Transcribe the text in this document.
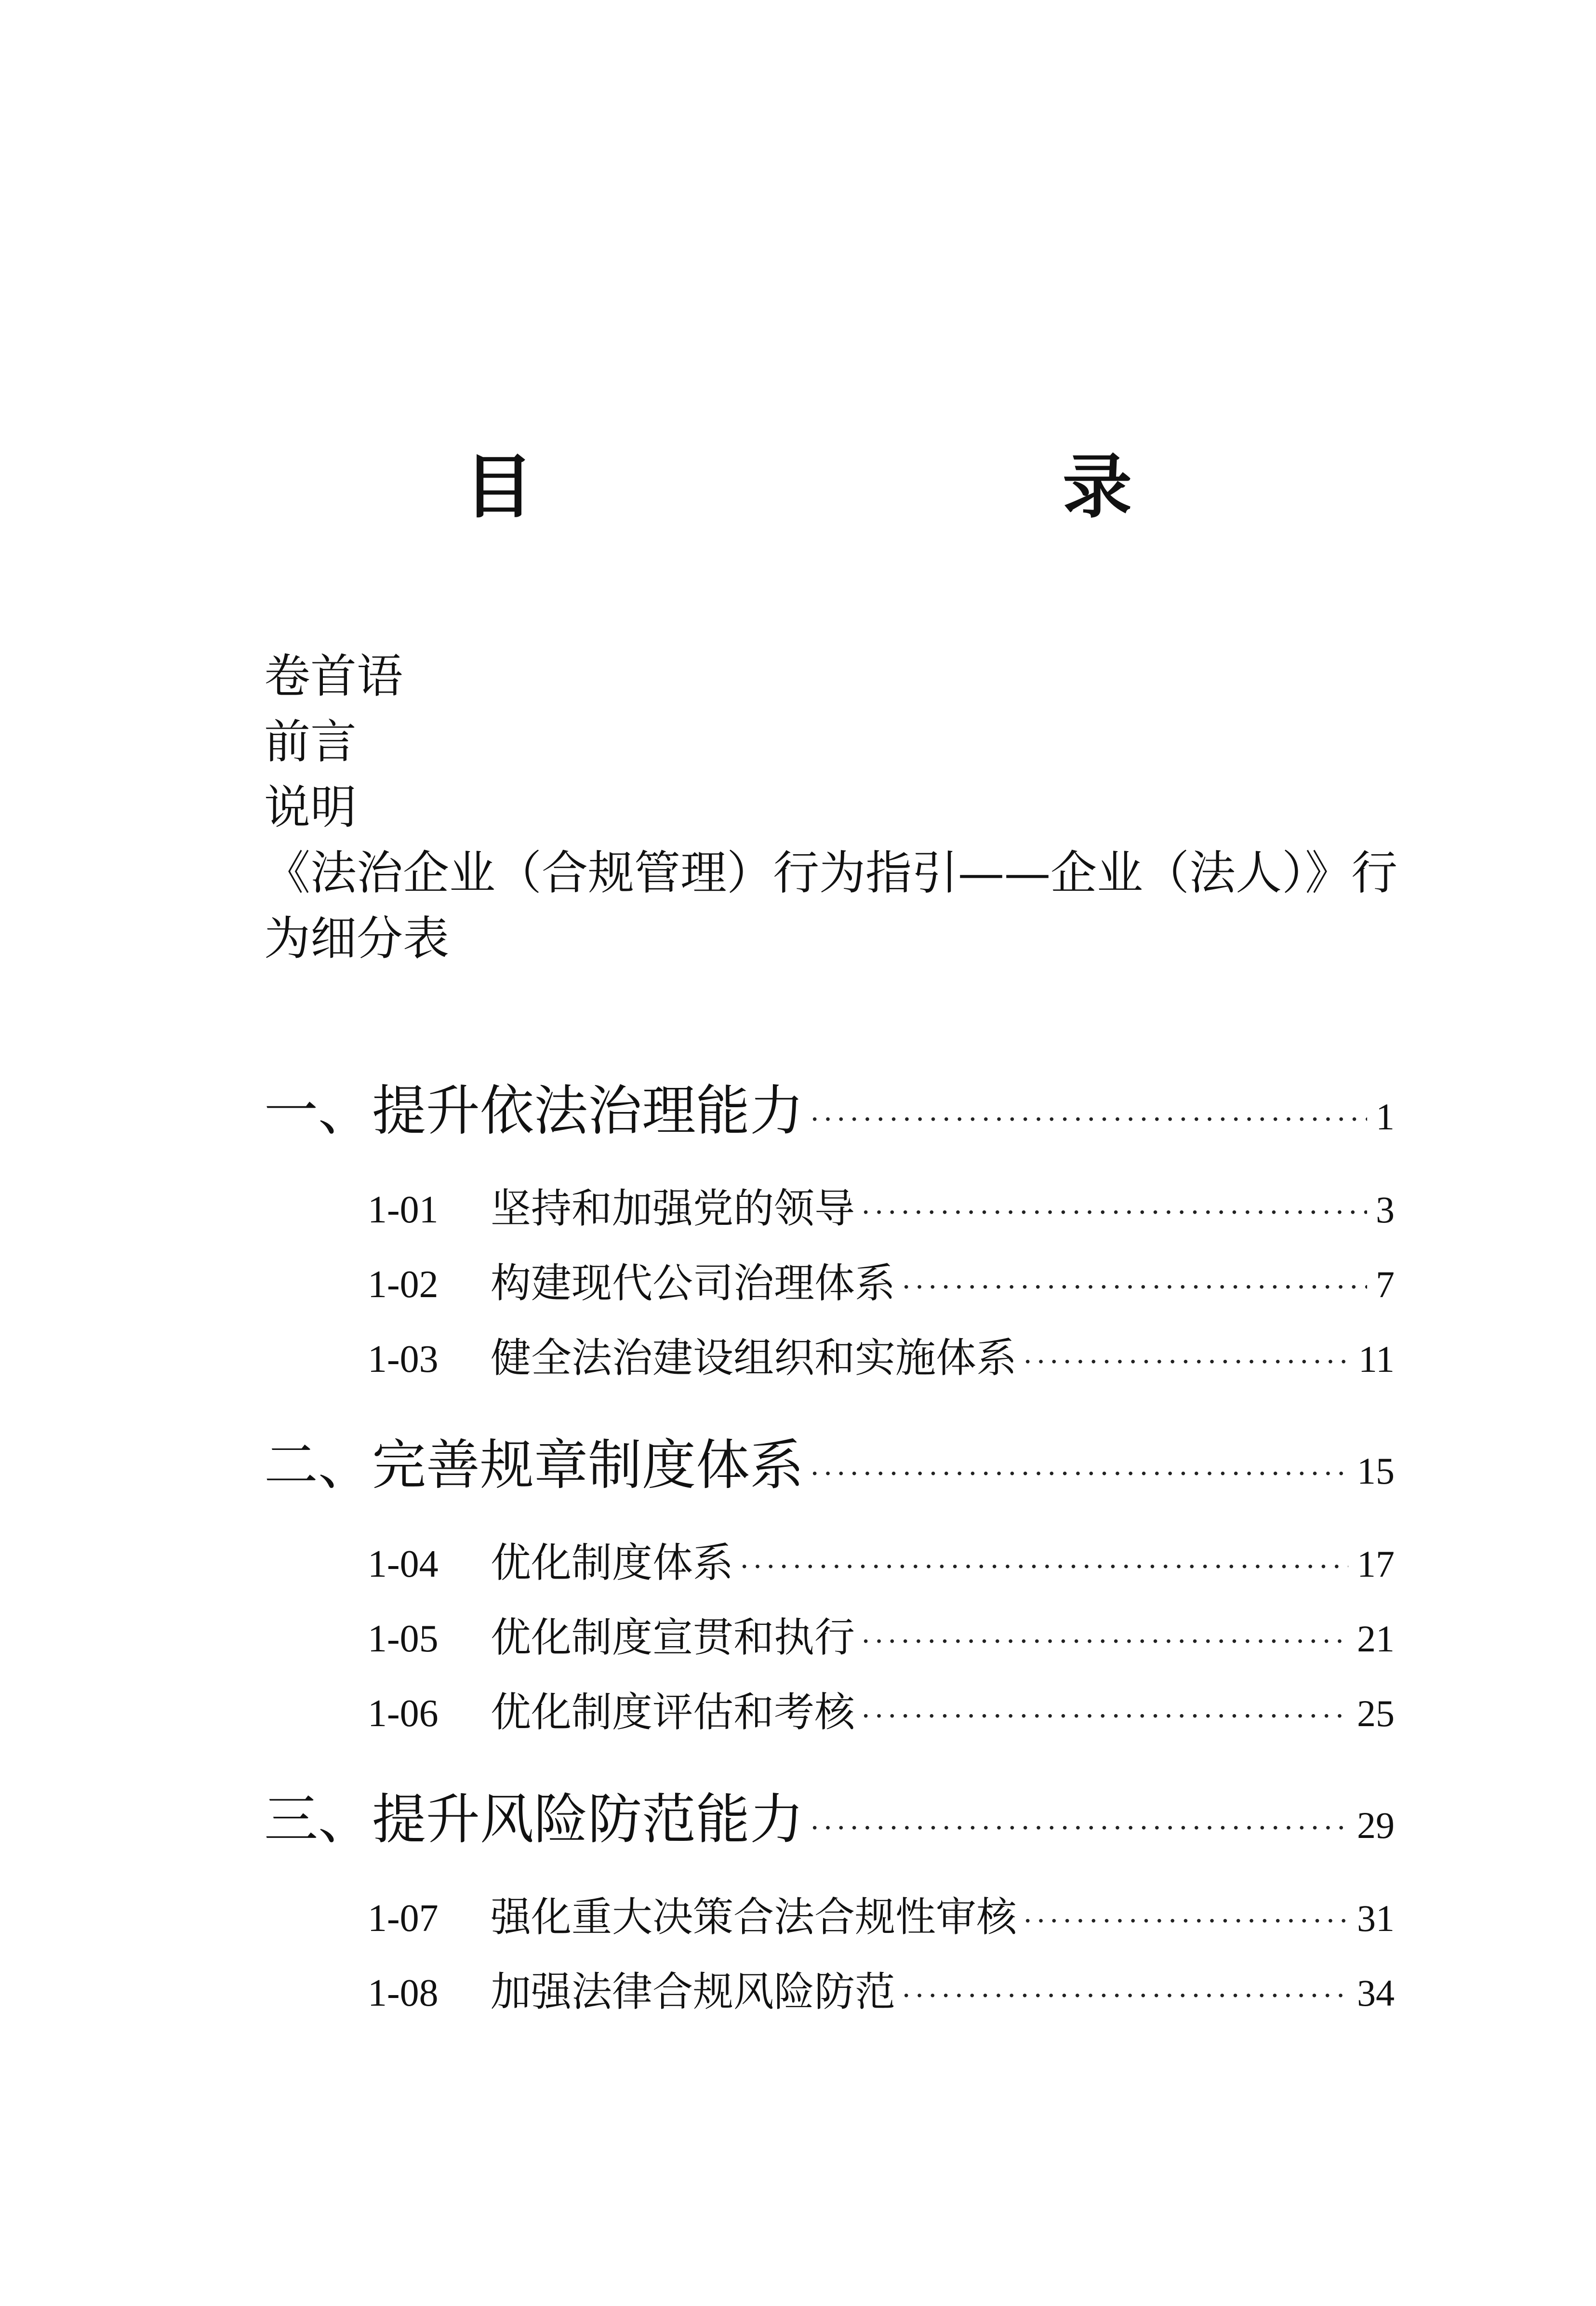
目　　录
卷首语
前言
说明
《法治企业（合规管理）行为指引——企业（法人）》行为细分表
一、提升依法治理能力 ·····	1
1-01	坚持和加强党的领导 ·····	3
1-02	构建现代公司治理体系 ·····	7
1-03	健全法治建设组织和实施体系 ·····	11
二、完善规章制度体系 ·····	15
1-04	优化制度体系 ·····	17
1-05	优化制度宣贯和执行 ·····	21
1-06	优化制度评估和考核 ·····	25
三、提升风险防范能力 ·····	29
1-07	强化重大决策合法合规性审核 ·····	31
1-08	加强法律合规风险防范 ·····	34
